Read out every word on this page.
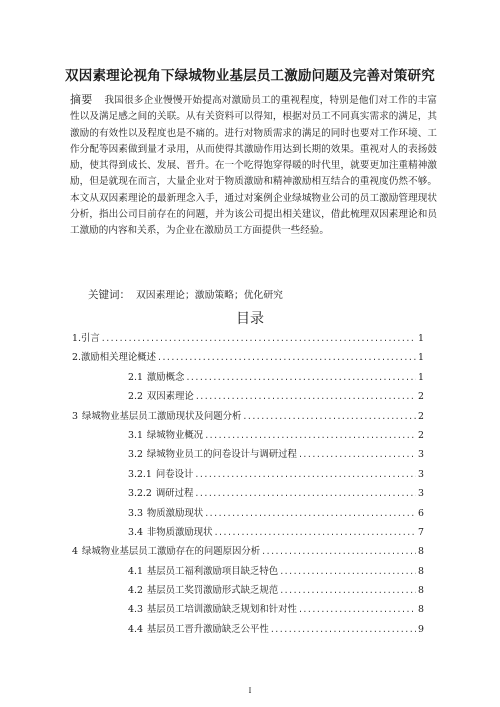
双因素理论视角下绿城物业基层员工激励问题及完善对策研究
摘要 我国很多企业慢慢开始提高对激励员工的重视程度，特别是他们对工作的丰富性以及满足感之间的关联。从有关资料可以得知，根据对员工不同真实需求的满足，其激励的有效性以及程度也是不痛的。进行对物质需求的满足的同时也要对工作环境、工作分配等因素做到量才录用，从而使得其激励作用达到长期的效果。重视对人的表扬鼓励，使其得到成长、发展、晋升。在一个吃得饱穿得暖的时代里，就要更加注重精神激励，但是就现在而言，大量企业对于物质激励和精神激励相互结合的重视度仍然不够。本文从双因素理论的最新理念入手，通过对案例企业绿城物业公司的员工激励管理现状分析，指出公司目前存在的问题，并为该公司提出相关建议，借此梳理双因素理论和员工激励的内容和关系，为企业在激励员工方面提供一些经验。
关键词： 双因素理论；激励策略；优化研究
目录
1. 引言 .....	1
2. 激励相关理论概述 .....	1
2.1 激励概念 .....	1
2.2 双因素理论 .....	2
3 绿城物业基层员工激励现状及问题分析 .....	2
3.1 绿城物业概况 .....	2
3.2 绿城物业员工的问卷设计与调研过程 .....	3
3.2.1 问卷设计 .....	3
3.2.2 调研过程 .....	3
3.3 物质激励现状 .....	6
3.4 非物质激励现状 .....	7
4 绿城物业基层员工激励存在的问题原因分析 .....	8
4.1 基层员工福利激励项目缺乏特色 .....	8
4.2 基层员工奖罚激励形式缺乏规范 .....	8
4.3 基层员工培训激励缺乏规划和针对性 .....	8
4.4 基层员工晋升激励缺乏公平性 .....	9
I
